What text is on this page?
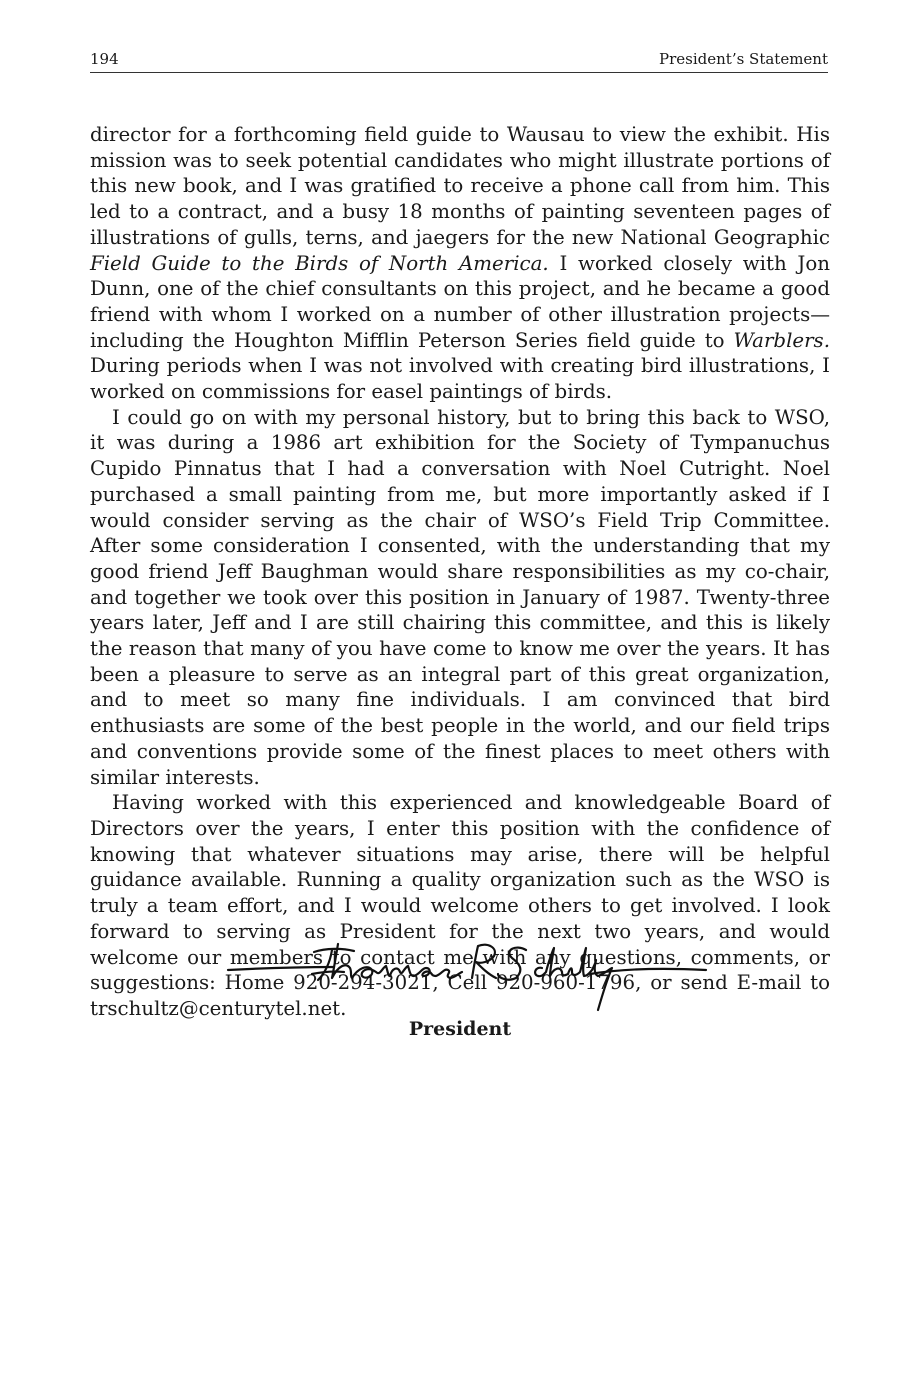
194	President’s Statement

director for a forthcoming field guide to Wausau to view the exhibit. His mission was to seek potential candidates who might illustrate portions of this new book, and I was gratified to receive a phone call from him. This led to a contract, and a busy 18 months of painting seventeen pages of illustrations of gulls, terns, and jaegers for the new National Geographic Field Guide to the Birds of North America. I worked closely with Jon Dunn, one of the chief consultants on this project, and he became a good friend with whom I worked on a number of other illustration projects—including the Houghton Mifflin Peterson Series field guide to Warblers. During periods when I was not involved with creating bird illustrations, I worked on commissions for easel paintings of birds.

I could go on with my personal history, but to bring this back to WSO, it was during a 1986 art exhibition for the Society of Tympanuchus Cupido Pinnatus that I had a conversation with Noel Cutright. Noel purchased a small painting from me, but more importantly asked if I would consider serving as the chair of WSO’s Field Trip Committee. After some consideration I consented, with the understanding that my good friend Jeff Baughman would share responsibilities as my co-chair, and together we took over this position in January of 1987. Twenty-three years later, Jeff and I are still chairing this committee, and this is likely the reason that many of you have come to know me over the years. It has been a pleasure to serve as an integral part of this great organization, and to meet so many fine individuals. I am convinced that bird enthusiasts are some of the best people in the world, and our field trips and conventions provide some of the finest places to meet others with similar interests.

Having worked with this experienced and knowledgeable Board of Directors over the years, I enter this position with the confidence of knowing that whatever situations may arise, there will be helpful guidance available. Running a quality organization such as the WSO is truly a team effort, and I would welcome others to get involved. I look forward to serving as President for the next two years, and would welcome our members to contact me with any questions, comments, or suggestions: Home 920-294-3021, Cell 920-960-1796, or send E-mail to trschultz@centurytel.net.

President
